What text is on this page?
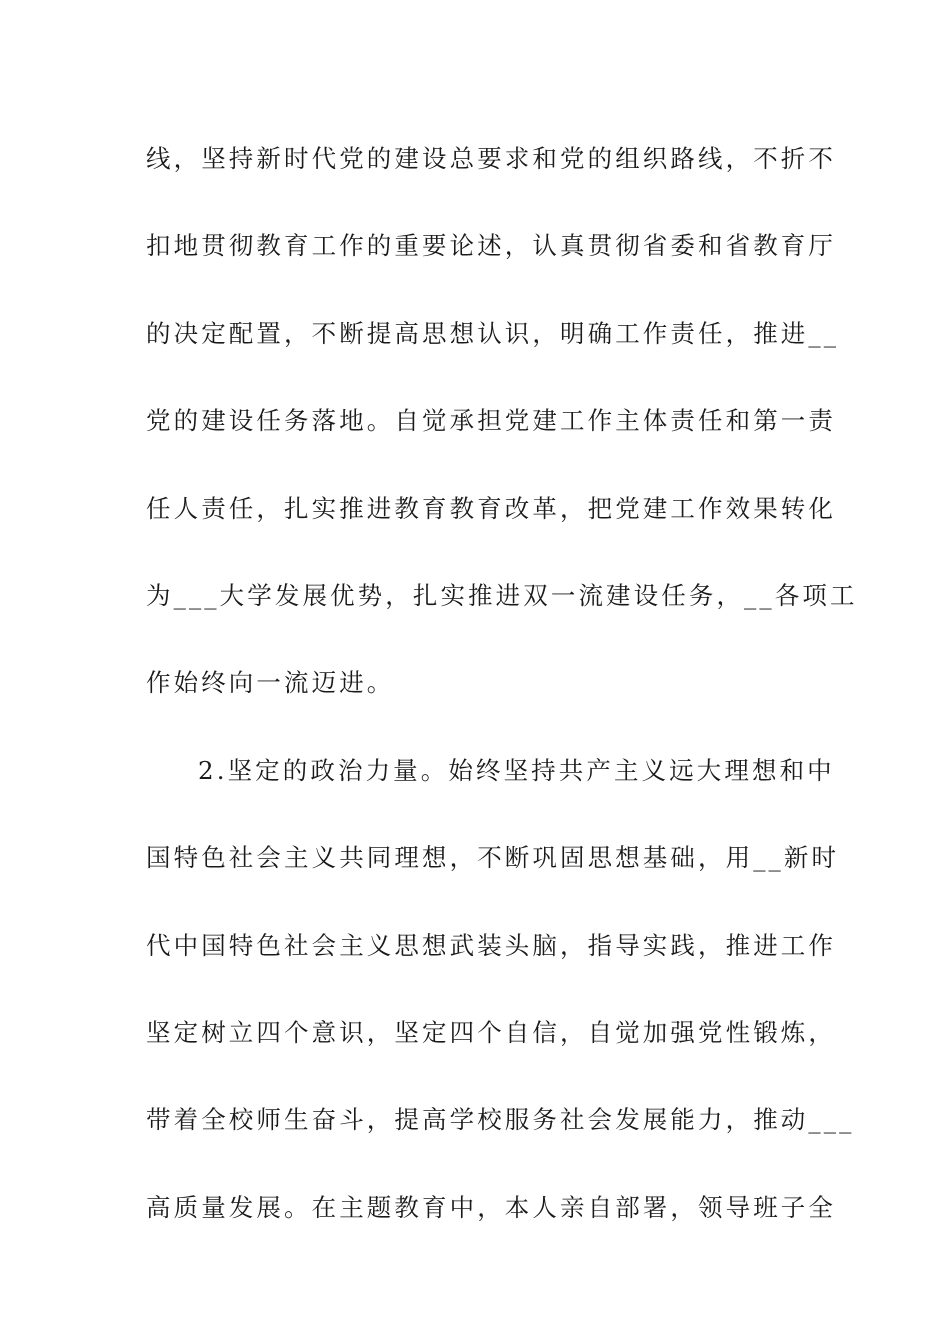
线，坚持新时代党的建设总要求和党的组织路线，不折不
扣地贯彻教育工作的重要论述，认真贯彻省委和省教育厅
的决定配置，不断提高思想认识，明确工作责任，推进__
党的建设任务落地。自觉承担党建工作主体责任和第一责
任人责任，扎实推进教育教育改革，把党建工作效果转化
为___大学发展优势，扎实推进双一流建设任务，__各项工
作始终向一流迈进。
2.坚定的政治力量。始终坚持共产主义远大理想和中
国特色社会主义共同理想，不断巩固思想基础，用__新时
代中国特色社会主义思想武装头脑，指导实践，推进工作
坚定树立四个意识，坚定四个自信，自觉加强党性锻炼，
带着全校师生奋斗，提高学校服务社会发展能力，推动___
高质量发展。在主题教育中，本人亲自部署，领导班子全
